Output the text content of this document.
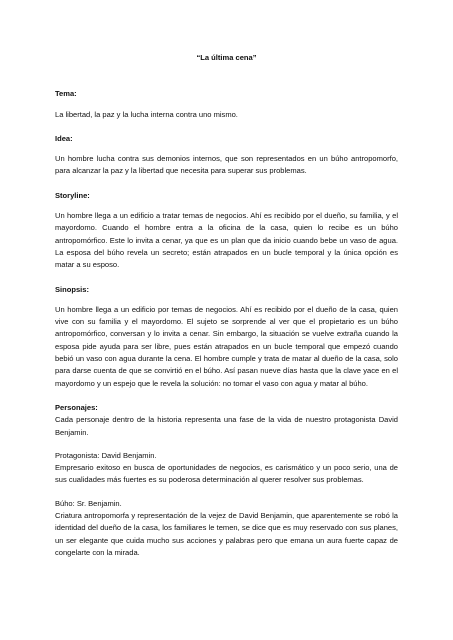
“La última cena”

Tema:

La libertad, la paz y la lucha interna contra uno mismo.

Idea:

Un hombre lucha contra sus demonios internos, que son representados en un búho antropomorfo, para alcanzar la paz y la libertad que necesita para superar sus problemas.

Storyline:

Un hombre llega a un edificio a tratar temas de negocios. Ahí es recibido por el dueño, su familia, y el mayordomo. Cuando el hombre entra a la oficina de la casa, quien lo recibe es un búho antropomórfico. Este lo invita a cenar, ya que es un plan que da inicio cuando bebe un vaso de agua. La esposa del búho revela un secreto; están atrapados en un bucle temporal y la única opción es matar a su esposo.

Sinopsis:

Un hombre llega a un edificio por temas de negocios. Ahí es recibido por el dueño de la casa, quien vive con su familia y el mayordomo. El sujeto se sorprende al ver que el propietario es un búho antropomórfico, conversan y lo invita a cenar. Sin embargo, la situación se vuelve extraña cuando la esposa pide ayuda para ser libre, pues están atrapados en un bucle temporal que empezó cuando bebió un vaso con agua durante la cena. El hombre cumple y trata de matar al dueño de la casa, solo para darse cuenta de que se convirtió en el búho. Así pasan nueve días hasta que la clave yace en el mayordomo y un espejo que le revela la solución: no tomar el vaso con agua y matar al búho.

Personajes:

Cada personaje dentro de la historia representa una fase de la vida de nuestro protagonista David Benjamin.

Protagonista: David Benjamin.

Empresario exitoso en busca de oportunidades de negocios, es carismático y un poco serio, una de sus cualidades más fuertes es su poderosa determinación al querer resolver sus problemas.

Búho: Sr. Benjamin.

Criatura antropomorfa y representación de la vejez de David Benjamin, que aparentemente se robó la identidad del dueño de la casa, los familiares le temen, se dice que es muy reservado con sus planes, un ser elegante que cuida mucho sus acciones y palabras pero que emana un aura fuerte capaz de congelarte con la mirada.
